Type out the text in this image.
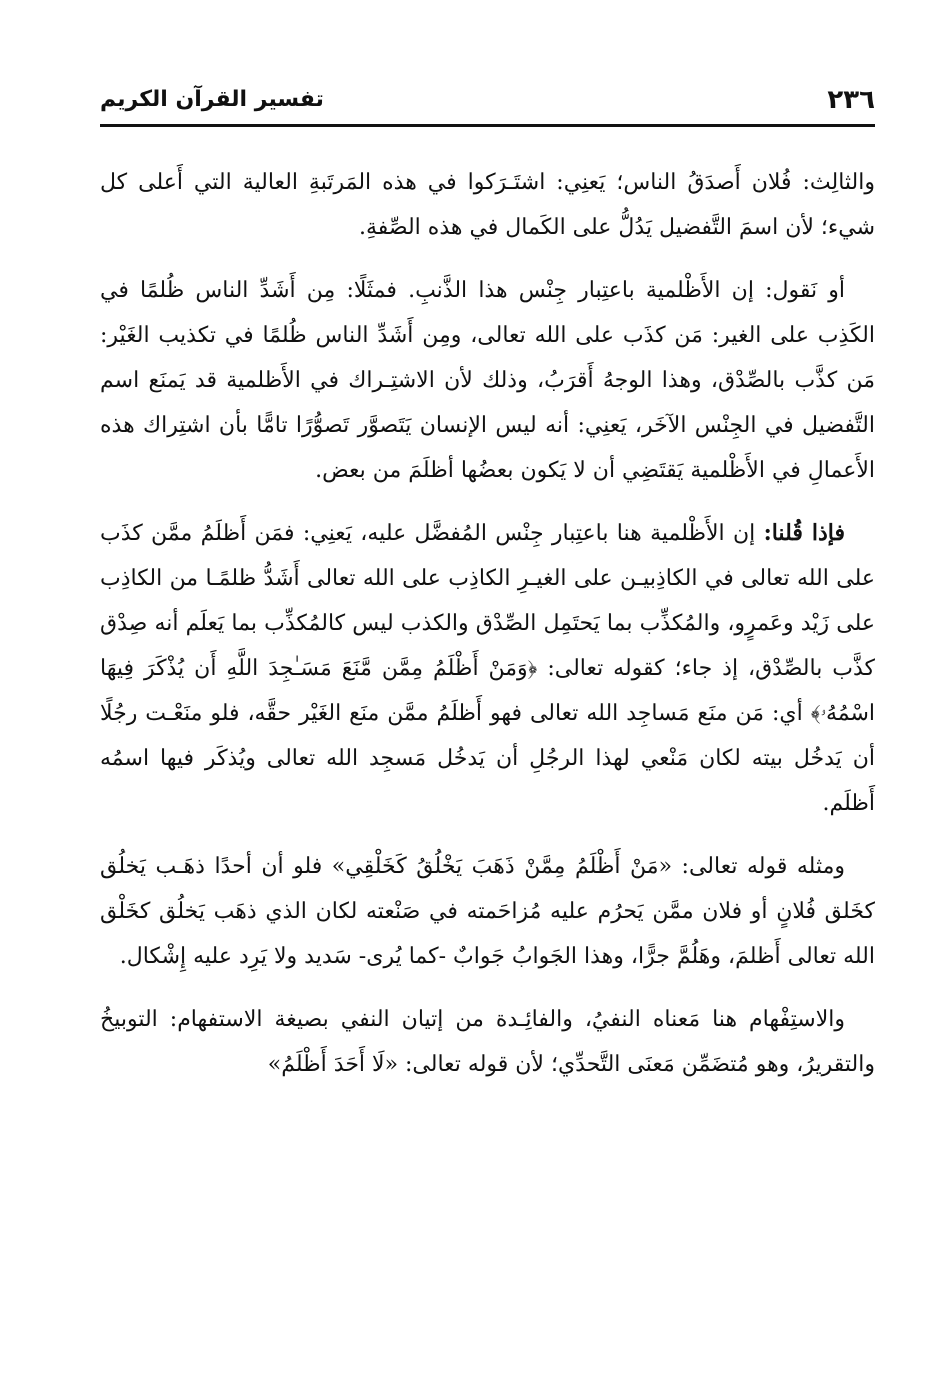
٢٣٦
تفسير القرآن الكريم

والثالِث: فُلان أَصدَقُ الناس؛ يَعنِي: اشتَـرَكوا في هذه المَرتَبةِ العالية التي أَعلى كل شيء؛ لأن اسمَ التَّفضيل يَدُلُّ على الكَمال في هذه الصِّفةِ.

أو نَقول: إن الأَظْلمية باعتِبار جِنْس هذا الذَّنبِ. فمثَلًا: مِن أَشَدِّ الناس ظُلمًا في الكَذِب على الغير: مَن كذَب على الله تعالى، ومِن أَشَدِّ الناس ظُلمًا في تكذيب الغَيْر: مَن كذَّب بالصِّدْق، وهذا الوجهُ أَقرَبُ، وذلك لأن الاشتِـراك في الأَظلمية قد يَمنَع اسم التَّفضيل في الجِنْس الآخَر، يَعنِي: أنه ليس الإنسان يَتَصوَّر تَصوُّرًا تامًّا بأن اشتِراك هذه الأَعمالِ في الأَظْلمية يَقتَضِي أن لا يَكون بعضُها أظلَمَ من بعض.

فإذا قُلنا: إن الأَظْلمية هنا باعتِبار جِنْس المُفضَّل عليه، يَعنِي: فمَن أَظلَمُ ممَّن كذَب على الله تعالى في الكاذِبيـن على الغيـرِ الكاذِب على الله تعالى أَشَدُّ ظلمًـا من الكاذِب على زَيْد وعَمرٍو، والمُكذِّب بما يَحتَمِل الصِّدْق والكذب ليس كالمُكذِّب بما يَعلَم أنه صِدْق كذَّب بالصِّدْق، إذ جاء؛ كقوله تعالى: ﴿وَمَنْ أَظْلَمُ مِمَّن مَّنَعَ مَسَـٰجِدَ اللَّهِ أَن يُذْكَرَ فِيهَا اسْمُهُۥ﴾ أي: مَن منَع مَساجِد الله تعالى فهو أَظلَمُ ممَّن منَع الغَيْر حقَّه، فلو منَعْـت رجُلًا أن يَدخُل بيته لكان مَنْعي لهذا الرجُلِ أن يَدخُل مَسجِد الله تعالى ويُذكَر فيها اسمُه أَظلَم.

ومثله قوله تعالى: «مَنْ أَظْلَمُ مِمَّنْ ذَهَبَ يَخْلُقُ كَخَلْقِي» فلو أن أحدًا ذهَـب يَخلُق كخَلق فُلانٍ أو فلان ممَّن يَحرُم عليه مُزاحَمته في صَنْعته لكان الذي ذهَب يَخلُق كخَلْق الله تعالى أَظلمَ، وهَلُمَّ جرًّا، وهذا الجَوابُ جَوابٌ -كما يُرى- سَديد ولا يَرِد عليه إِشْكال.

والاستِفْهام هنا مَعناه النفيُ، والفائِـدة من إتيان النفي بصيغة الاستفهام: التوبيخُ والتقريرُ، وهو مُتضَمِّن مَعنَى التَّحدِّي؛ لأن قوله تعالى: «لَا أَحَدَ أَظْلَمُ»
